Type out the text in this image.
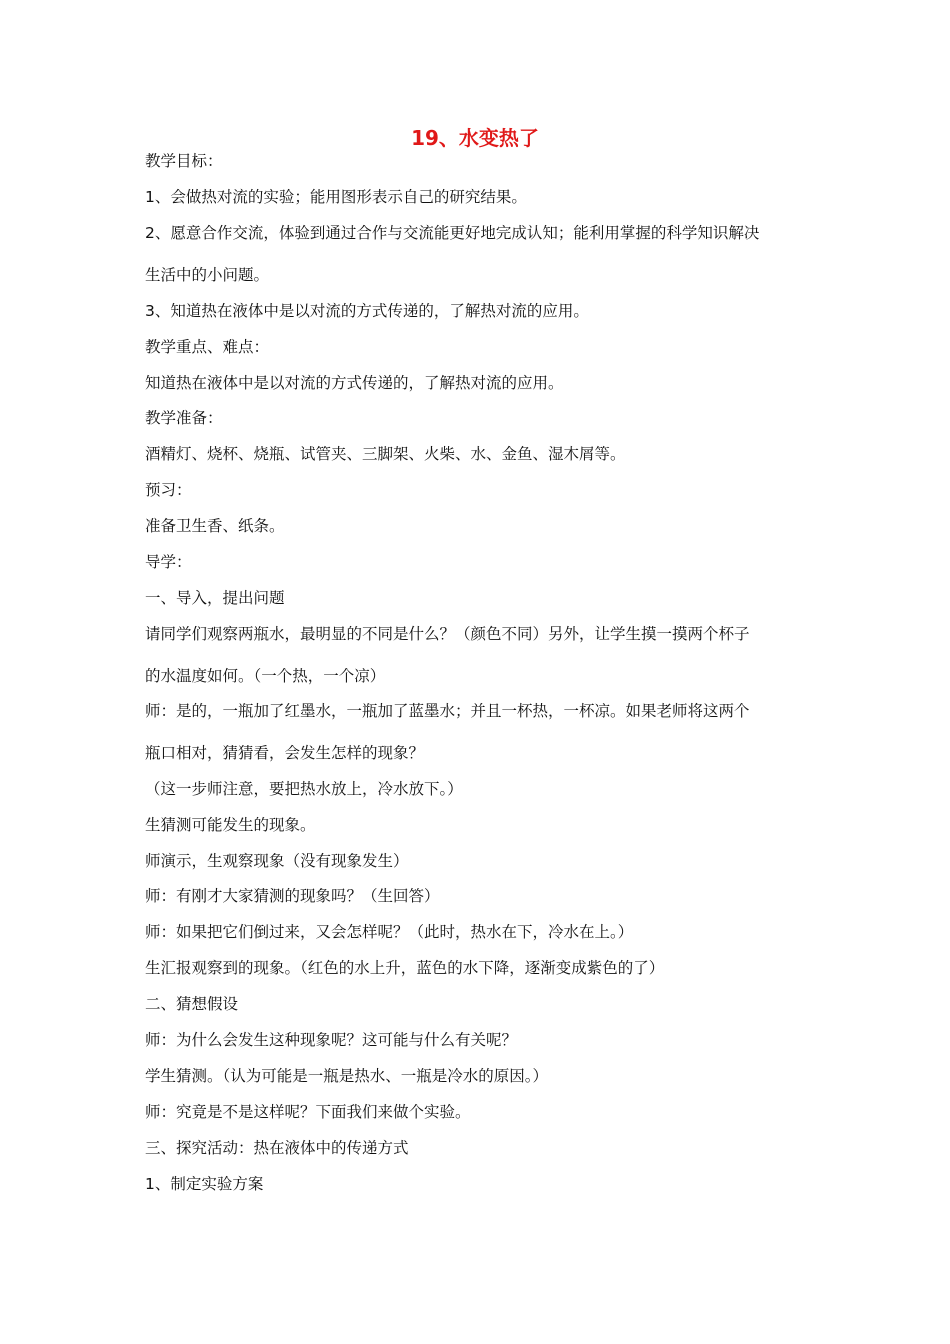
19、水变热了
教学目标：
1、会做热对流的实验；能用图形表示自己的研究结果。
2、愿意合作交流，体验到通过合作与交流能更好地完成认知；能利用掌握的科学知识解决
生活中的小问题。
3、知道热在液体中是以对流的方式传递的，了解热对流的应用。
教学重点、难点：
知道热在液体中是以对流的方式传递的，了解热对流的应用。
教学准备：
酒精灯、烧杯、烧瓶、试管夹、三脚架、火柴、水、金鱼、湿木屑等。
预习：
准备卫生香、纸条。
导学：
一、导入，提出问题
请同学们观察两瓶水，最明显的不同是什么？（颜色不同）另外，让学生摸一摸两个杯子
的水温度如何。（一个热，一个凉）
师：是的，一瓶加了红墨水，一瓶加了蓝墨水；并且一杯热，一杯凉。如果老师将这两个
瓶口相对，猜猜看，会发生怎样的现象？
（这一步师注意，要把热水放上，冷水放下。）
生猜测可能发生的现象。
师演示，生观察现象（没有现象发生）
师：有刚才大家猜测的现象吗？（生回答）
师：如果把它们倒过来，又会怎样呢？（此时，热水在下，冷水在上。）
生汇报观察到的现象。（红色的水上升，蓝色的水下降，逐渐变成紫色的了）
二、猜想假设
师：为什么会发生这种现象呢？这可能与什么有关呢？
学生猜测。（认为可能是一瓶是热水、一瓶是冷水的原因。）
师：究竟是不是这样呢？下面我们来做个实验。
三、探究活动：热在液体中的传递方式
1、制定实验方案
